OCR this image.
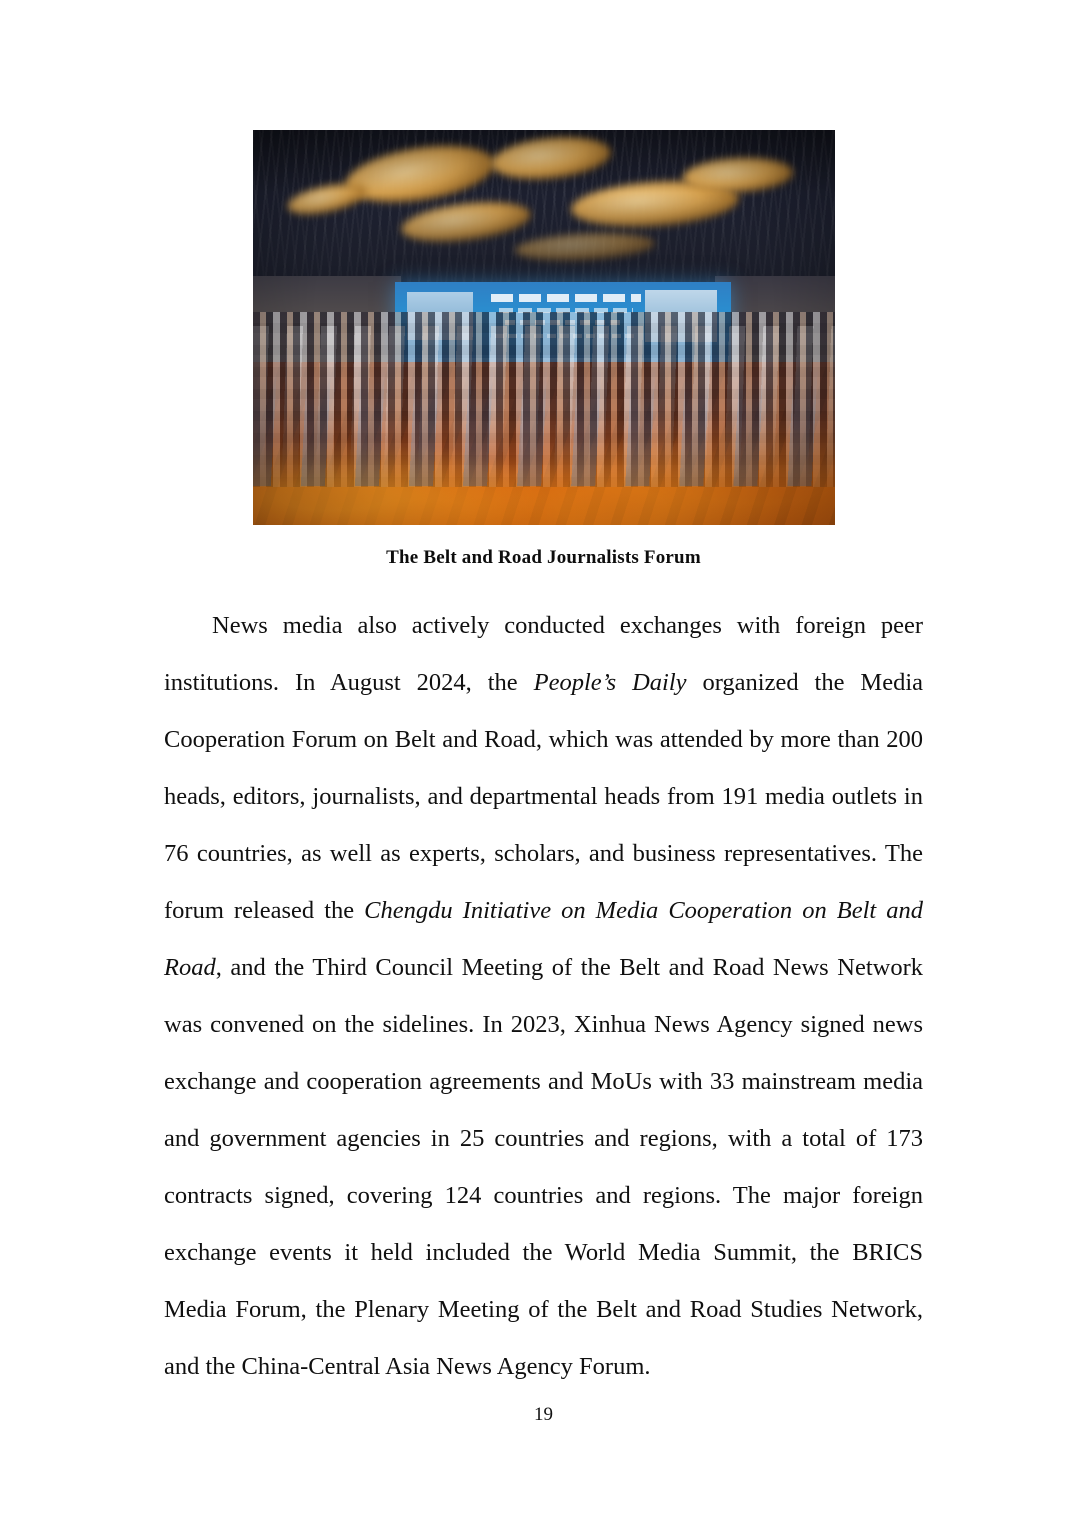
The Belt and Road Journalists Forum

News media also actively conducted exchanges with foreign peer institutions. In August 2024, the People’s Daily organized the Media Cooperation Forum on Belt and Road, which was attended by more than 200 heads, editors, journalists, and departmental heads from 191 media outlets in 76 countries, as well as experts, scholars, and business representatives. The forum released the Chengdu Initiative on Media Cooperation on Belt and Road, and the Third Council Meeting of the Belt and Road News Network was convened on the sidelines. In 2023, Xinhua News Agency signed news exchange and cooperation agreements and MoUs with 33 mainstream media and government agencies in 25 countries and regions, with a total of 173 contracts signed, covering 124 countries and regions. The major foreign exchange events it held included the World Media Summit, the BRICS Media Forum, the Plenary Meeting of the Belt and Road Studies Network, and the China-Central Asia News Agency Forum.

19
